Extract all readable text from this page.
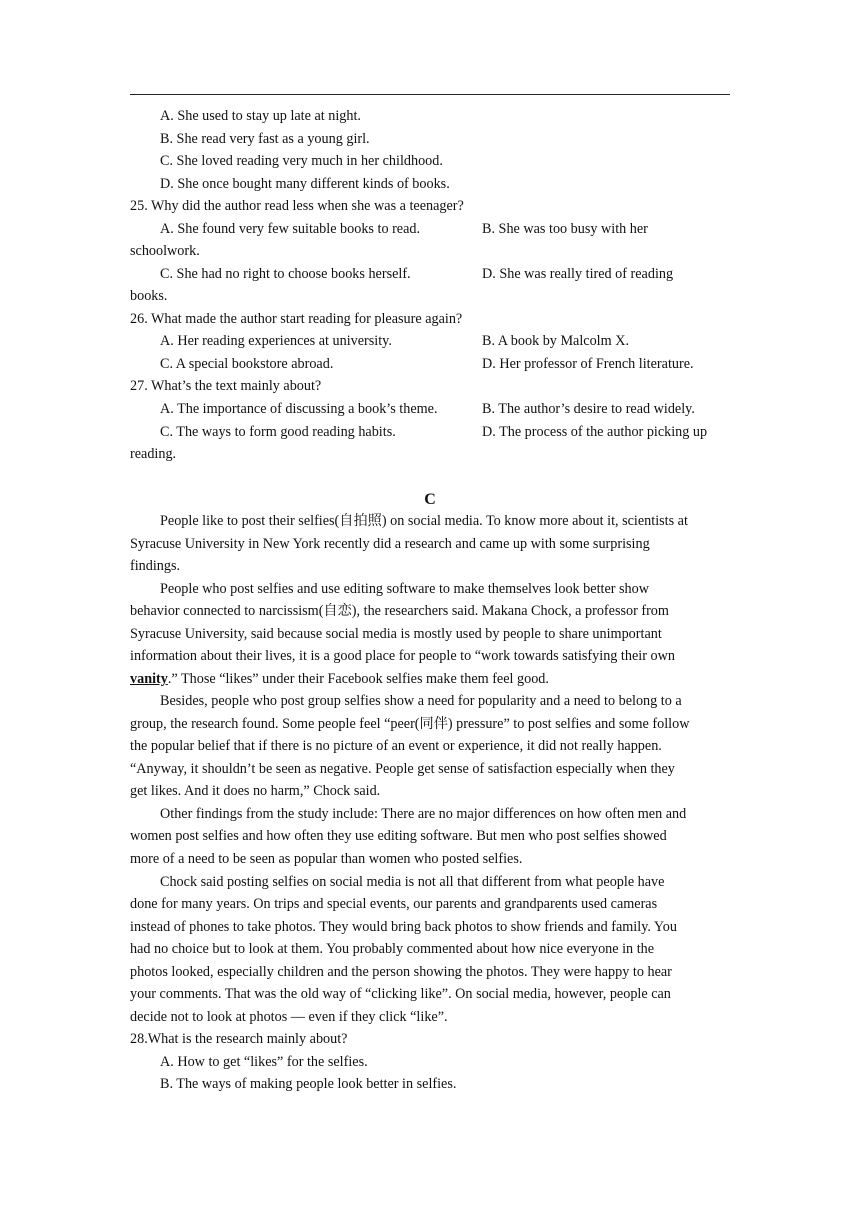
A. She used to stay up late at night.
B. She read very fast as a young girl.
C. She loved reading very much in her childhood.
D. She once bought many different kinds of books.
25. Why did the author read less when she was a teenager?
A. She found very few suitable books to read.	B. She was too busy with her
schoolwork.
C. She had no right to choose books herself.	D. She was really tired of reading
books.
26. What made the author start reading for pleasure again?
A. Her reading experiences at university.	B. A book by Malcolm X.
C. A special bookstore abroad.	D. Her professor of French literature.
27. What’s the text mainly about?
A. The importance of discussing a book’s theme.	B. The author’s desire to read widely.
C. The ways to form good reading habits.	D. The process of the author picking up
reading.
C
People like to post their selfies(自拍照) on social media. To know more about it, scientists at
Syracuse University in New York recently did a research and came up with some surprising
findings.
People who post selfies and use editing software to make themselves look better show
behavior connected to narcissism(自恋), the researchers said. Makana Chock, a professor from
Syracuse University, said because social media is mostly used by people to share unimportant
information about their lives, it is a good place for people to “work towards satisfying their own
vanity.” Those “likes” under their Facebook selfies make them feel good.
Besides, people who post group selfies show a need for popularity and a need to belong to a
group, the research found. Some people feel “peer(同伴) pressure” to post selfies and some follow
the popular belief that if there is no picture of an event or experience, it did not really happen.
“Anyway, it shouldn’t be seen as negative. People get sense of satisfaction especially when they
get likes. And it does no harm,” Chock said.
Other findings from the study include: There are no major differences on how often men and
women post selfies and how often they use editing software. But men who post selfies showed
more of a need to be seen as popular than women who posted selfies.
Chock said posting selfies on social media is not all that different from what people have
done for many years. On trips and special events, our parents and grandparents used cameras
instead of phones to take photos. They would bring back photos to show friends and family. You
had no choice but to look at them. You probably commented about how nice everyone in the
photos looked, especially children and the person showing the photos. They were happy to hear
your comments. That was the old way of “clicking like”. On social media, however, people can
decide not to look at photos — even if they click “like”.
28.What is the research mainly about?
A. How to get “likes” for the selfies.
B. The ways of making people look better in selfies.
